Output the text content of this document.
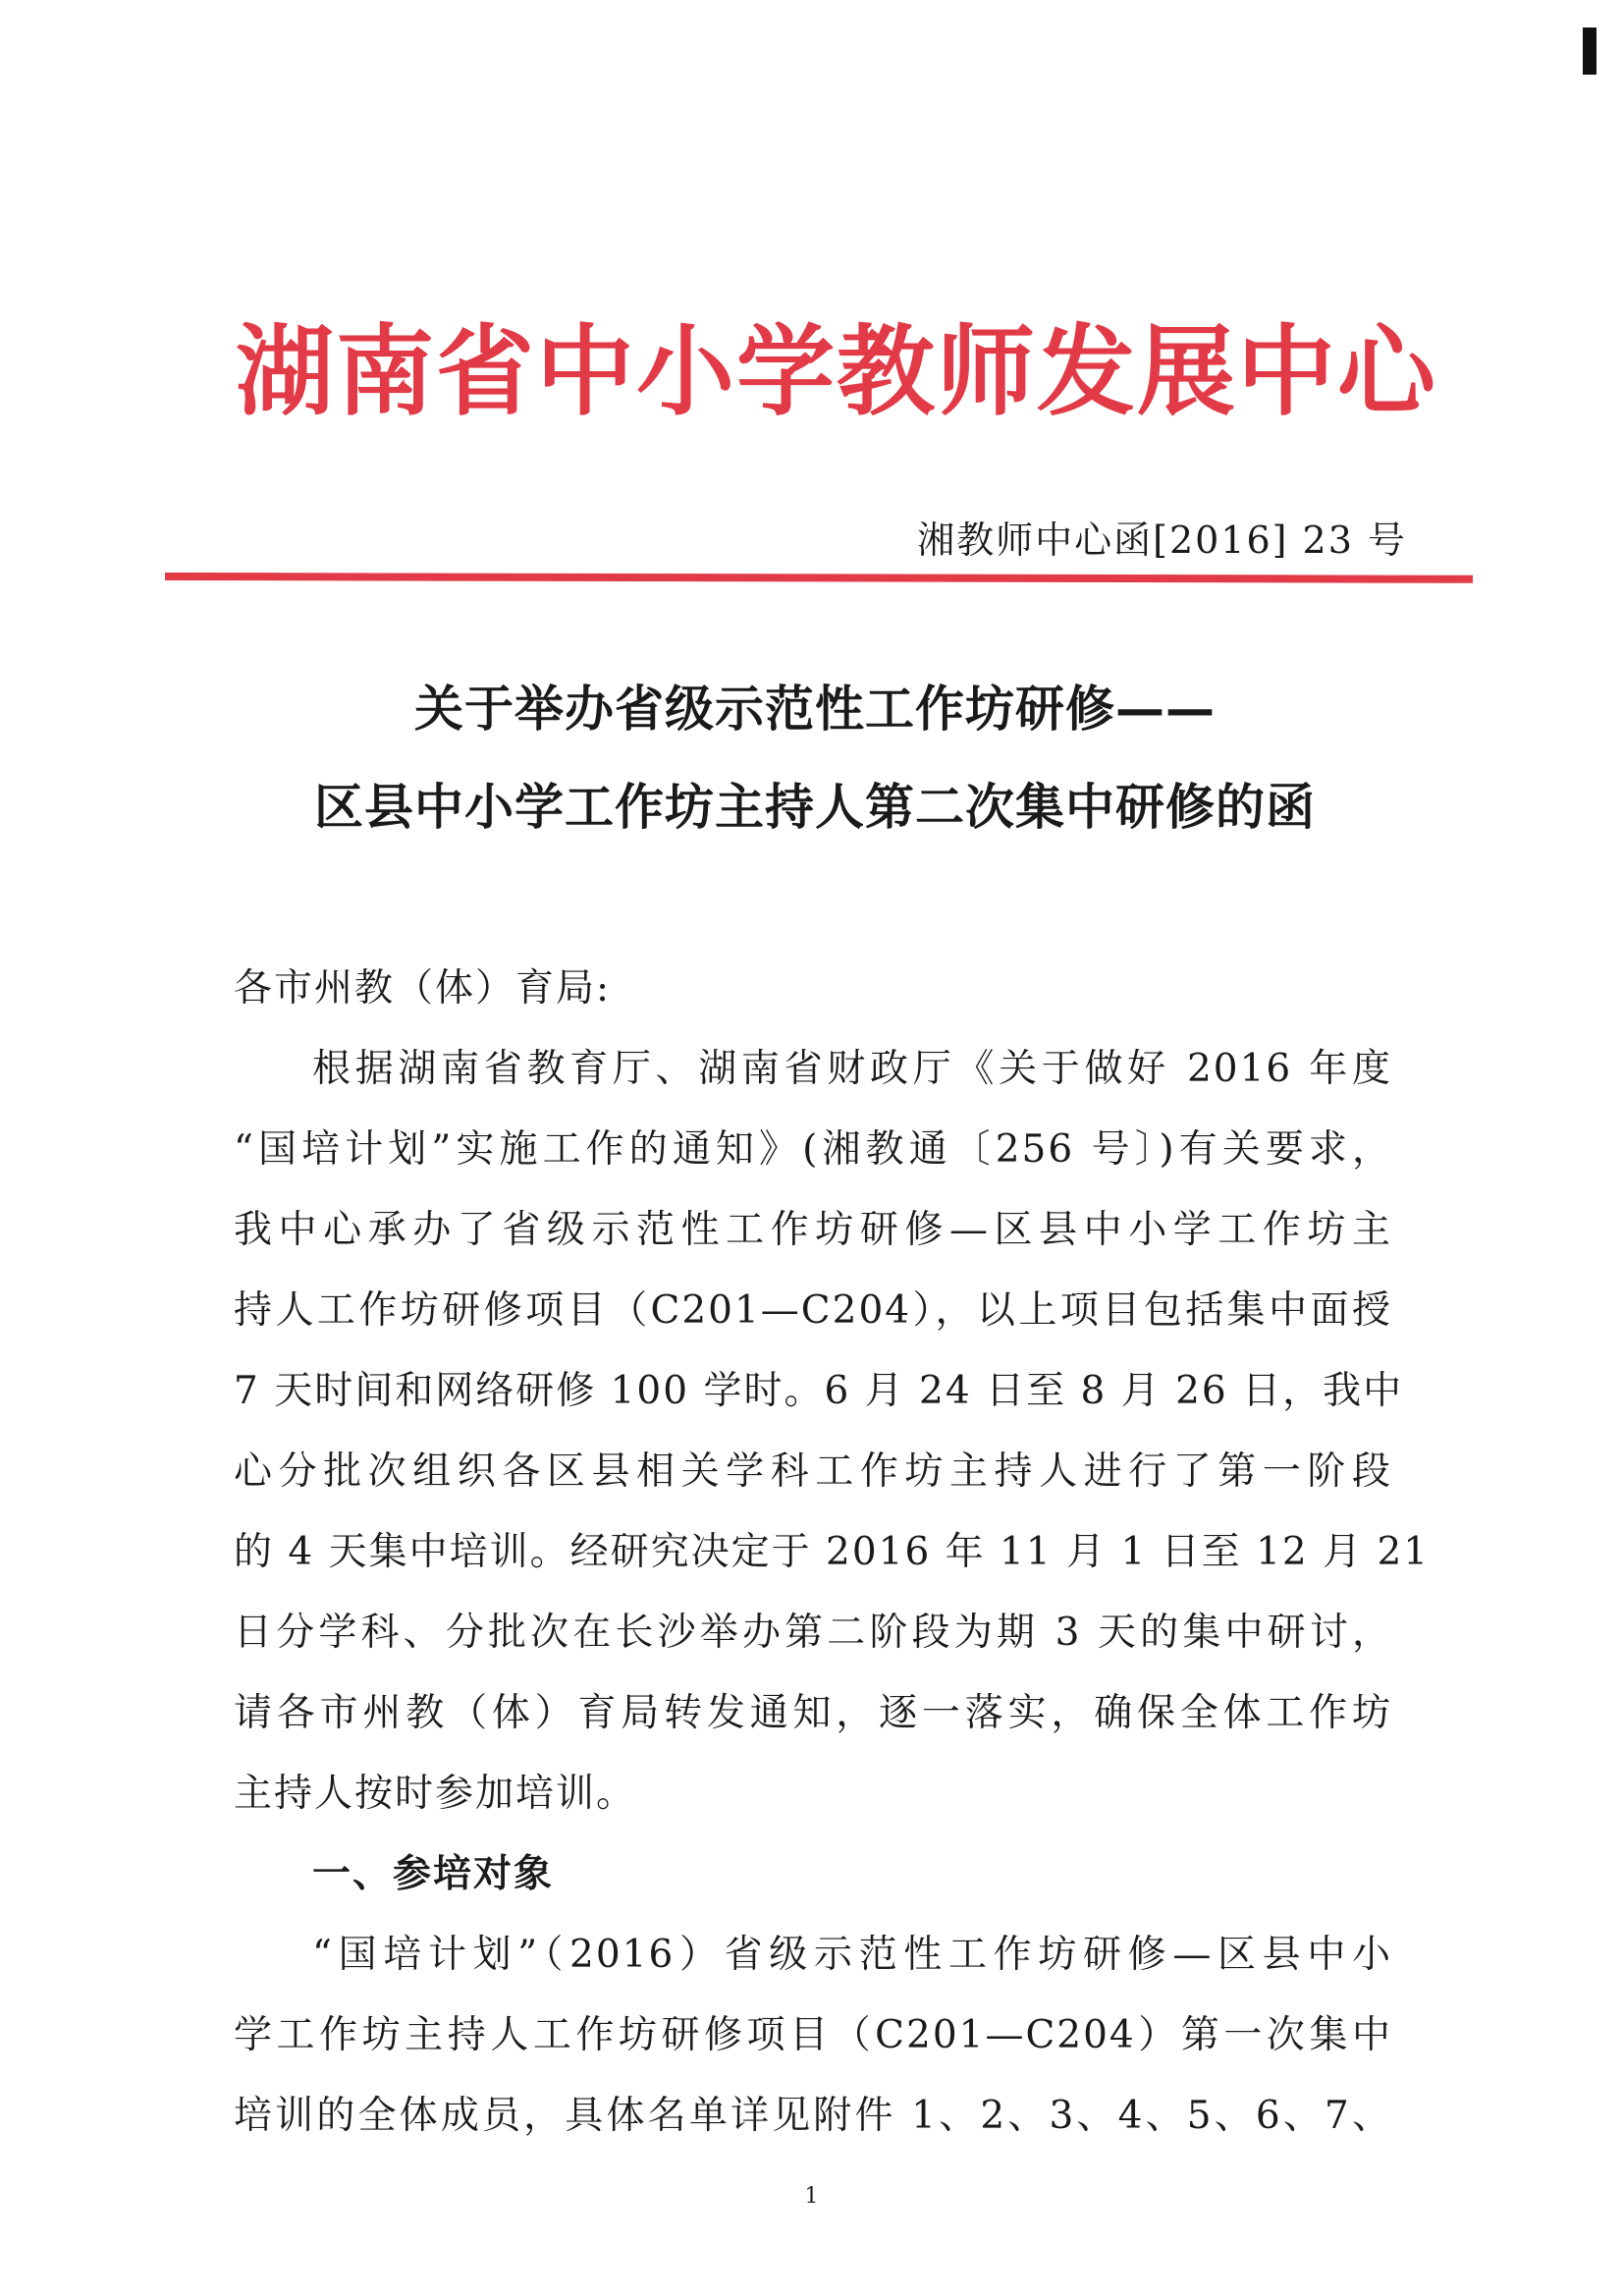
湖南省中小学教师发展中心
湘教师中心函[2016] 23 号
关于举办省级示范性工作坊研修——
区县中小学工作坊主持人第二次集中研修的函
各市州教（体）育局:
根据湖南省教育厅、湖南省财政厅《关于做好 2016 年度
“国培计划”实施工作的通知》(湘教通〔256 号〕)有关要求，
我中心承办了省级示范性工作坊研修—区县中小学工作坊主
持人工作坊研修项目（C201—C204），以上项目包括集中面授
7 天时间和网络研修 100 学时。6 月 24 日至 8 月 26 日，我中
心分批次组织各区县相关学科工作坊主持人进行了第一阶段
的 4 天集中培训。经研究决定于 2016 年 11 月 1 日至 12 月 21
日分学科、分批次在长沙举办第二阶段为期 3 天的集中研讨，
请各市州教（体）育局转发通知，逐一落实，确保全体工作坊
主持人按时参加培训。
一、参培对象
“国培计划”（2016）省级示范性工作坊研修—区县中小
学工作坊主持人工作坊研修项目（C201—C204）第一次集中
培训的全体成员，具体名单详见附件 1、2、3、4、5、6、7、
1
